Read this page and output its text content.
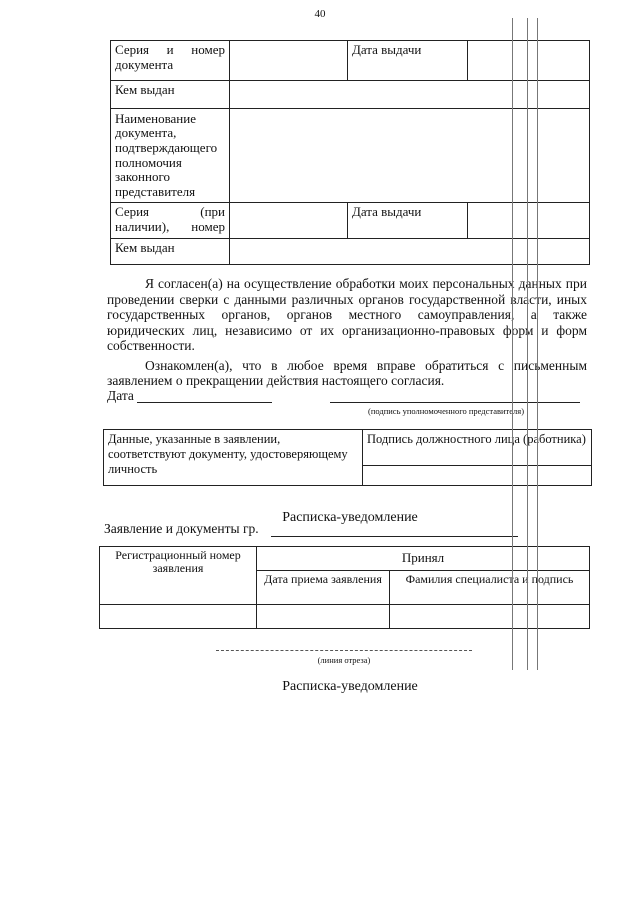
40
Серия и номер документа		Дата выдачи	
Кем выдан			

Наименование документа, подтверждающего полномочия законного представителя			

Серия (при наличии), номер		Дата выдачи	
Кем выдан			

Я согласен(а) на осуществление обработки моих персональных данных при проведении сверки с данными различных органов государственной власти, иных государственных органов, органов местного самоуправления, а также юридических лиц, независимо от их организационно-правовых форм и форм собственности.

Ознакомлен(а), что в любое время вправе обратиться с письменным заявлением о прекращении действия настоящего согласия.

Дата
(подпись уполномоченного представителя)
Данные, указанные в заявлении, соответствуют документу, удостоверяющему личность	Подпись должностного лица (работника)

Расписка-уведомление
Заявление и документы гр.
Регистрационный номер заявления	Принял	
	Дата приема заявления	Фамилия специалиста и подпись

(линия отреза)
Расписка-уведомление
